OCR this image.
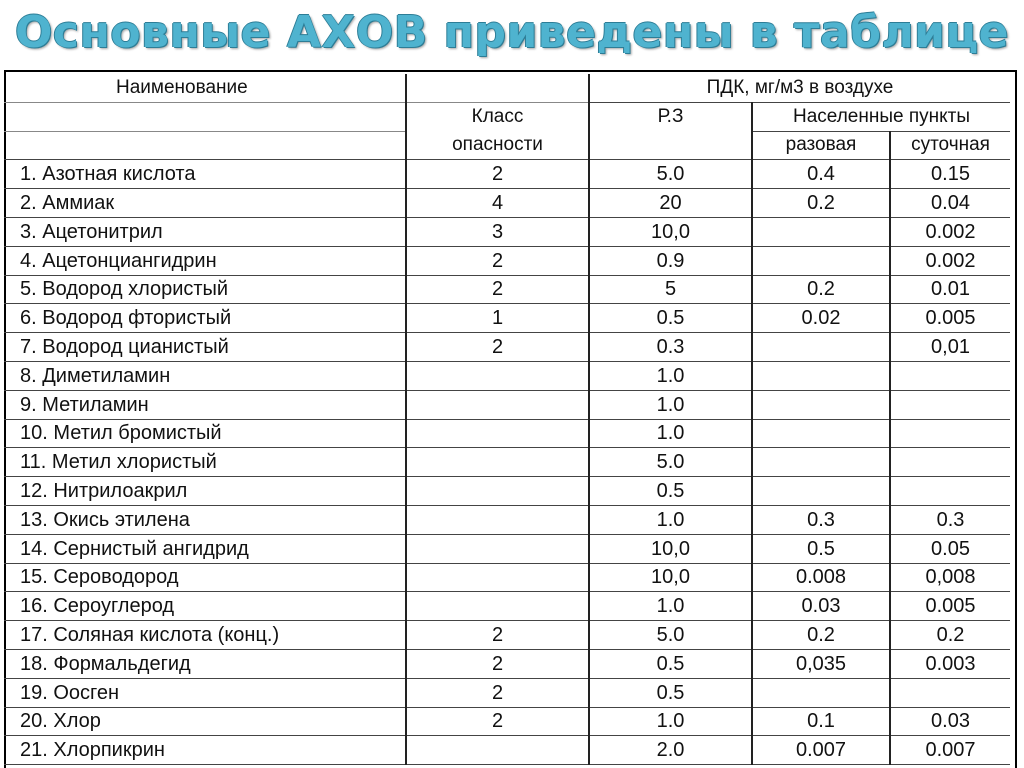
Основные АХОВ приведены в таблице
Наименование		ПДК, мг/м3 в воздухе		
	Класс	Р.З	Населенные пункты	
	опасности		разовая	суточная
1. Азотная кислота	2	5.0	0.4	0.15
2. Аммиак	4	20	0.2	0.04
3. Ацетонитрил	3	10,0		0.002
4. Ацетонциангидрин	2	0.9		0.002
5. Водород хлористый	2	5	0.2	0.01
6. Водород фтористый	1	0.5	0.02	0.005
7. Водород цианистый	2	0.3		0,01
8. Диметиламин		1.0		
9. Метиламин		1.0		
10. Метил бромистый		1.0		
11. Метил хлористый		5.0		
12. Нитрилоакрил		0.5		
13. Окись этилена		1.0	0.3	0.3
14. Сернистый ангидрид		10,0	0.5	0.05
15. Сероводород		10,0	0.008	0,008
16. Сероуглерод		1.0	0.03	0.005
17. Соляная кислота (конц.)	2	5.0	0.2	0.2
18. Формальдегид	2	0.5	0,035	0.003
19. Оосген	2	0.5		
20. Хлор	2	1.0	0.1	0.03
21. Хлорпикрин		2.0	0.007	0.007
